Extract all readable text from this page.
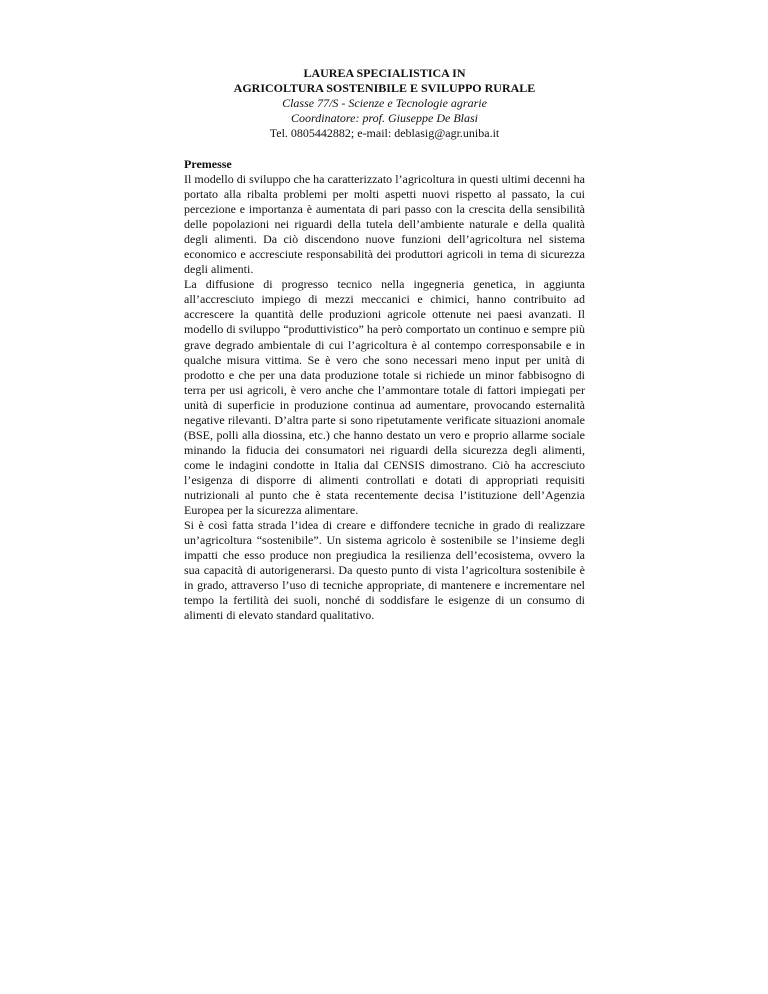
LAUREA SPECIALISTICA IN
AGRICOLTURA SOSTENIBILE E SVILUPPO RURALE
Classe 77/S - Scienze e Tecnologie agrarie
Coordinatore: prof. Giuseppe De Blasi
Tel. 0805442882; e-mail: deblasig@agr.uniba.it
Premesse

Il modello di sviluppo che ha caratterizzato l’agricoltura in questi ultimi decenni ha portato alla ribalta problemi per molti aspetti nuovi rispetto al passato, la cui percezione e importanza è aumentata di pari passo con la crescita della sensibilità delle popolazioni nei riguardi della tutela dell’ambiente naturale e della qualità degli alimenti. Da ciò discendono nuove funzioni dell’agricoltura nel sistema economico e accresciute responsabilità dei produttori agricoli in tema di sicurezza degli alimenti.

La diffusione di progresso tecnico nella ingegneria genetica, in aggiunta all’accresciuto impiego di mezzi meccanici e chimici, hanno contribuito ad accrescere la quantità delle produzioni agricole ottenute nei paesi avanzati. Il modello di sviluppo “produttivistico” ha però comportato un continuo e sempre più grave degrado ambientale di cui l’agricoltura è al contempo corresponsabile e in qualche misura vittima. Se è vero che sono necessari meno input per unità di prodotto e che per una data produzione totale si richiede un minor fabbisogno di terra per usi agricoli, è vero anche che l’ammontare totale di fattori impiegati per unità di superficie in produzione continua ad aumentare, provocando esternalità negative rilevanti. D’altra parte si sono ripetutamente verificate situazioni anomale (BSE, polli alla diossina, etc.) che hanno destato un vero e proprio allarme sociale minando la fiducia dei consumatori nei riguardi della sicurezza degli alimenti, come le indagini condotte in Italia dal CENSIS dimostrano. Ciò ha accresciuto l’esigenza di disporre di alimenti controllati e dotati di appropriati requisiti nutrizionali al punto che è stata recentemente decisa l’istituzione dell’Agenzia Europea per la sicurezza alimentare.

Si è così fatta strada l’idea di creare e diffondere tecniche in grado di realizzare un’agricoltura “sostenibile”. Un sistema agricolo è sostenibile se l’insieme degli impatti che esso produce non pregiudica la resilienza dell’ecosistema, ovvero la sua capacità di autorigenerarsi. Da questo punto di vista l’agricoltura sostenibile è in grado, attraverso l’uso di tecniche appropriate, di mantenere e incrementare nel tempo la fertilità dei suoli, nonché di soddisfare le esigenze di un consumo di alimenti di elevato standard qualitativo.
